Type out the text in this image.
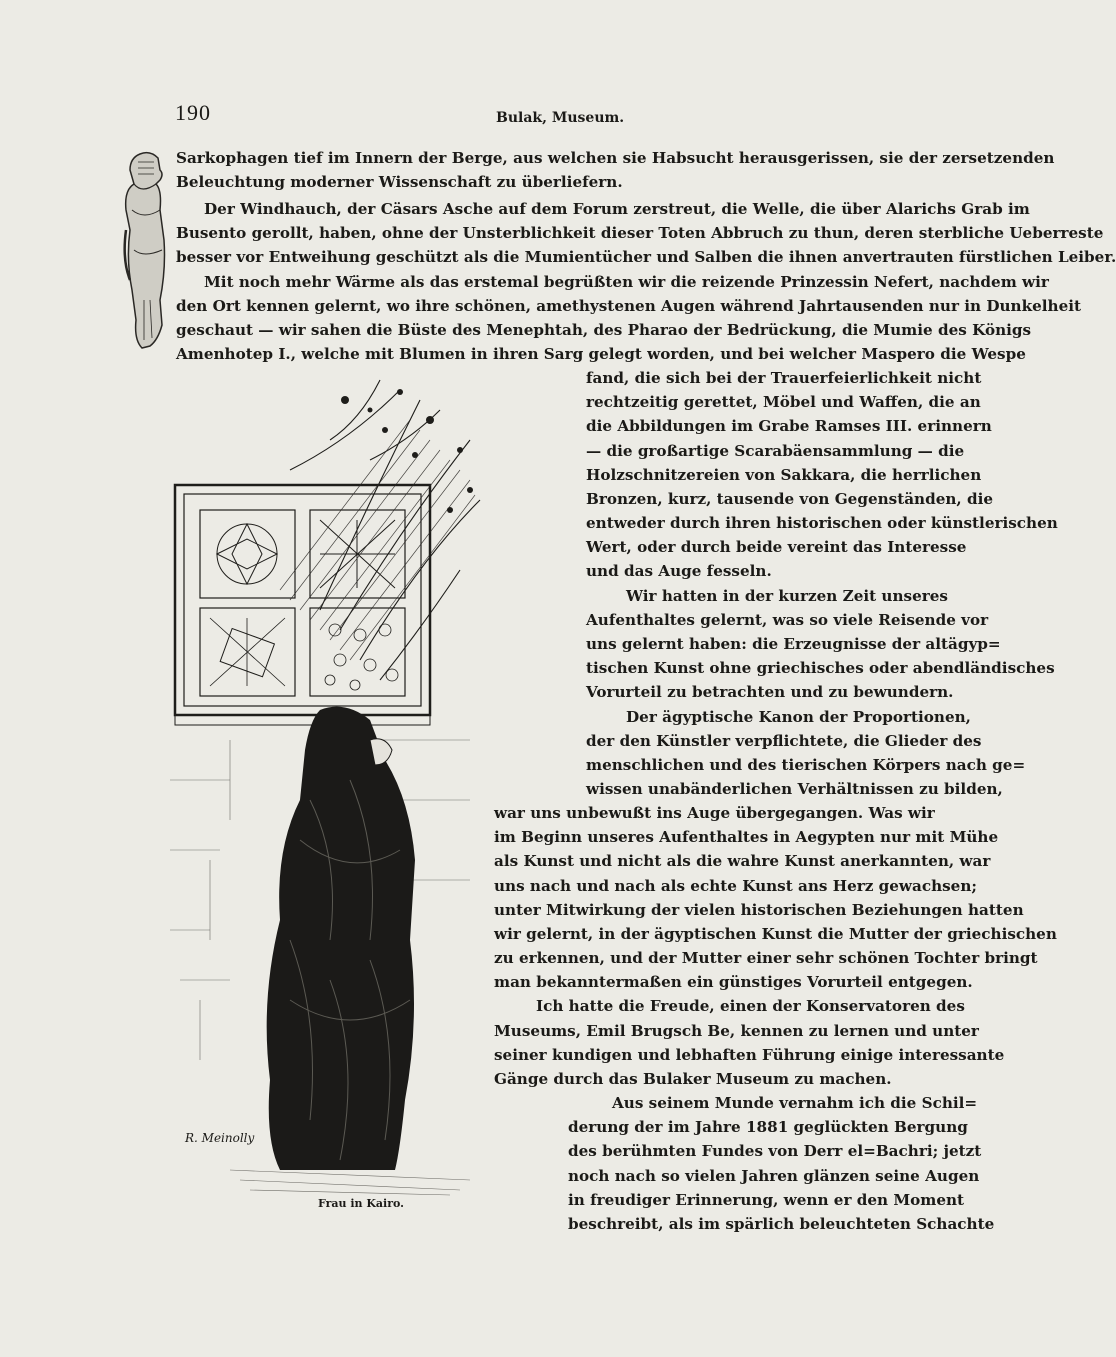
190	Bulak, Museum.
R. Meinolly
Frau in Kairo.
Sarkophagen tief im Innern der Berge, aus welchen sie Habsucht herausgerissen, sie der zersetzenden
Beleuchtung moderner Wissenschaft zu überliefern.
Der Windhauch, der Cäsars Asche auf dem Forum zerstreut, die Welle, die über Alarichs Grab im
Busento gerollt, haben, ohne der Unsterblichkeit dieser Toten Abbruch zu thun, deren sterbliche Ueberreste
besser vor Entweihung geschützt als die Mumientücher und Salben die ihnen anvertrauten fürstlichen Leiber.
Mit noch mehr Wärme als das erstemal begrüßten wir die reizende Prinzessin Nefert, nachdem wir
den Ort kennen gelernt, wo ihre schönen, amethystenen Augen während Jahrtausenden nur in Dunkelheit
geschaut — wir sahen die Büste des Menephtah, des Pharao der Bedrückung, die Mumie des Königs
Amenhotep I., welche mit Blumen in ihren Sarg gelegt worden, und bei welcher Maspero die Wespe
fand, die sich bei der Trauerfeierlichkeit nicht
rechtzeitig gerettet, Möbel und Waffen, die an
die Abbildungen im Grabe Ramses III. erinnern
— die großartige Scarabäensammlung — die
Holzschnitzereien von Sakkara, die herrlichen
Bronzen, kurz, tausende von Gegenständen, die
entweder durch ihren historischen oder künstlerischen
Wert, oder durch beide vereint das Interesse
und das Auge fesseln.
Wir hatten in der kurzen Zeit unseres
Aufenthaltes gelernt, was so viele Reisende vor
uns gelernt haben: die Erzeugnisse der altägyp=
tischen Kunst ohne griechisches oder abendländisches
Vorurteil zu betrachten und zu bewundern.
Der ägyptische Kanon der Proportionen,
der den Künstler verpflichtete, die Glieder des
menschlichen und des tierischen Körpers nach ge=
wissen unabänderlichen Verhältnissen zu bilden,
war uns unbewußt ins Auge übergegangen. Was wir
im Beginn unseres Aufenthaltes in Aegypten nur mit Mühe
als Kunst und nicht als die wahre Kunst anerkannten, war
uns nach und nach als echte Kunst ans Herz gewachsen;
unter Mitwirkung der vielen historischen Beziehungen hatten
wir gelernt, in der ägyptischen Kunst die Mutter der griechischen
zu erkennen, und der Mutter einer sehr schönen Tochter bringt
man bekanntermaßen ein günstiges Vorurteil entgegen.
Ich hatte die Freude, einen der Konservatoren des
Museums, Emil Brugsch Be, kennen zu lernen und unter
seiner kundigen und lebhaften Führung einige interessante
Gänge durch das Bulaker Museum zu machen.
Aus seinem Munde vernahm ich die Schil=
derung der im Jahre 1881 geglückten Bergung
des berühmten Fundes von Derr el=Bachri; jetzt
noch nach so vielen Jahren glänzen seine Augen
in freudiger Erinnerung, wenn er den Moment
beschreibt, als im spärlich beleuchteten Schachte
